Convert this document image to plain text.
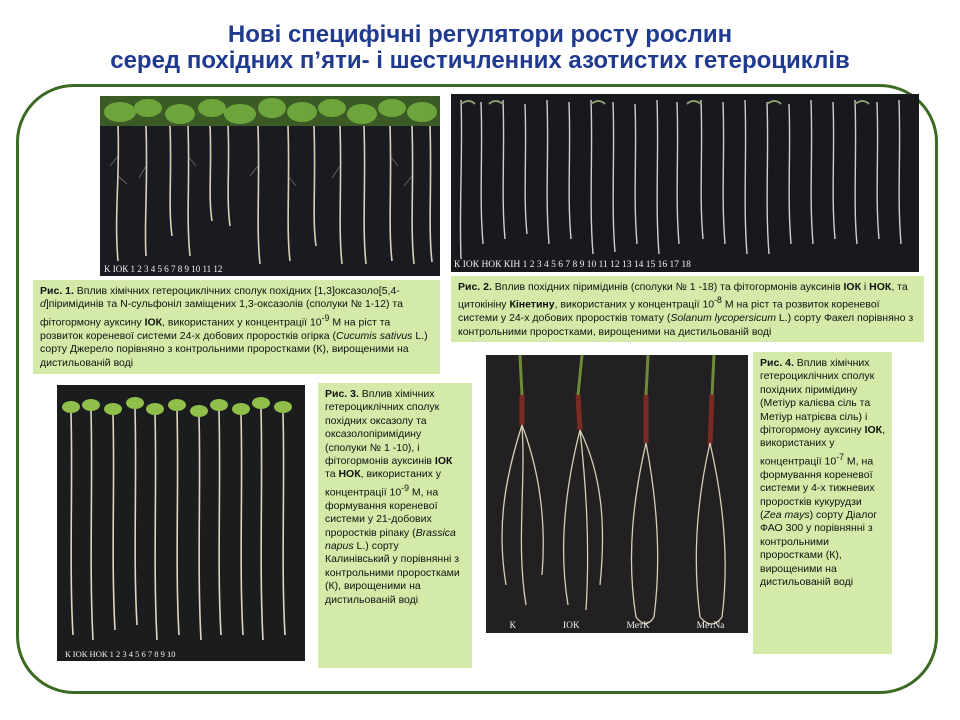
Нові специфічні регулятори росту рослин
серед похідних п’яти- і шестичленних азотистих гетероциклів
K ІОК 1 2 3 4 5 6 7 8 9 10 11 12	К ІОК НОК КІН 1 2 3 4 5 6 7 8 9 10 11 12 13 14 15 16 17 18
Рис. 1. Вплив хімічних гетероциклічних сполук похідних [1,3]оксазоло[5,4-d]піримідинів та N-сульфоніл заміщених 1,3-оксазолів (сполуки № 1-12) та фітогормону ауксину ІОК, використаних у концентрації $10^{-9}$ М на ріст та розвиток кореневої системи 24-х добових проростків огірка (Cucumis sativus L.) сорту Джерело порівняно з контрольними проростками (К), вирощеними на дистильованій воді
Рис. 2. Вплив похідних піримідинів (сполуки № 1 -18) та фітогормонів ауксинів ІОК і НОК, та цитокініну Кінетину, використаних у концентрації $10^{-8}$ М на ріст та розвиток кореневої системи у 24-х добових проростків томату (Solanum lycopersicum L.) сорту Факел порівняно з контрольними проростками, вирощеними на дистильованій воді
К ІОК НОК 1 2 3 4 5 6 7 8 9 10
Рис. 3. Вплив хімічних гетероциклічних сполук похідних оксазолу та оксазолопіримідину (сполуки № 1 -10), і фітогормонів ауксинів ІОК та НОК, використаних у концентрації $10^{-9}$ М, на формування кореневої системи у 21-добових проростків ріпаку (Brassica napus L.) сорту Калинівський у порівнянні з контрольними проростками (К), вирощеними на дистильованій воді
К	ІОК	МетК	МетNa
Рис. 4. Вплив хімічних гетероциклічних сполук похідних піримідину (Метіур калієва сіль та Метіур натрієва сіль) і фітогормону ауксину ІОК, використаних у концентрації $10^{-7}$ М, на формування кореневої системи у 4-х тижневих проростків кукурудзи (Zea mays) сорту Діалог ФАО 300 у порівнянні з контрольними проростками (К), вирощеними на дистильованій воді
